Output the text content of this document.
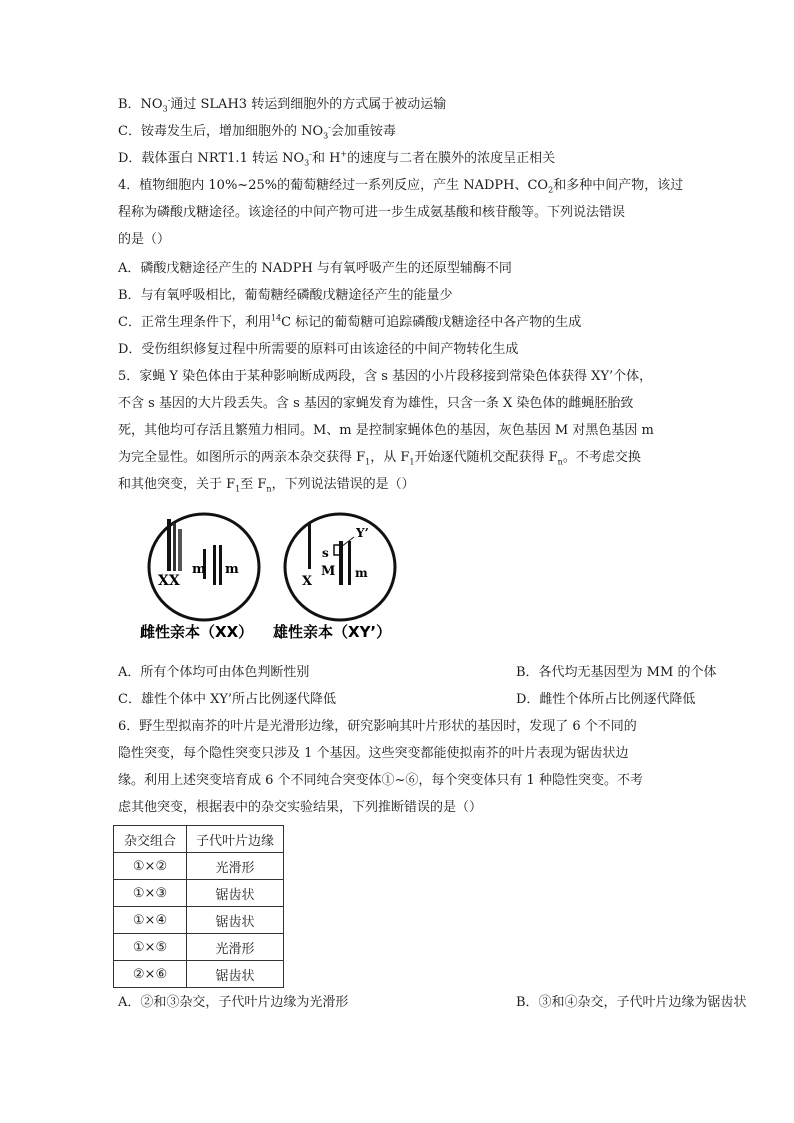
B．$NO_3^-$通过 SLAH3 转运到细胞外的方式属于被动运输
C．铵毒发生后，增加细胞外的 $NO_3^-$会加重铵毒
D．载体蛋白 NRT1.1 转运 $NO_3^-$和 H+的速度与二者在膜外的浓度呈正相关
4．植物细胞内 10%~25%的葡萄糖经过一系列反应，产生 NADPH、$CO_2$和多种中间产物，该过
程称为磷酸戊糖途径。该途径的中间产物可进一步生成氨基酸和核苷酸等。下列说法错误
的是（）
A．磷酸戊糖途径产生的 NADPH 与有氧呼吸产生的还原型辅酶不同
B．与有氧呼吸相比，葡萄糖经磷酸戊糖途径产生的能量少
C．正常生理条件下，利用$^{14}$C 标记的葡萄糖可追踪磷酸戊糖途径中各产物的生成
D．受伤组织修复过程中所需要的原料可由该途径的中间产物转化生成
5．家蝇 Y 染色体由于某种影响断成两段，含 s 基因的小片段移接到常染色体获得 XY’个体，
不含 s 基因的大片段丢失。含 s 基因的家蝇发育为雄性，只含一条 X 染色体的雌蝇胚胎致
死，其他均可存活且繁殖力相同。M、m 是控制家蝇体色的基因，灰色基因 M 对黑色基因 m
为完全显性。如图所示的两亲本杂交获得 $F_1$，从 $F_1$开始逐代随机交配获得 $F_n$。不考虑交换
和其他突变，关于 $F_1$至 $F_n$，下列说法错误的是（）
XX
m m
雌性亲本（XX）
X
s
M m
Y’
雄性亲本（XY’）
A．所有个体均可由体色判断性别	B．各代均无基因型为 MM 的个体
C．雄性个体中 XY’所占比例逐代降低	D．雌性个体所占比例逐代降低
6．野生型拟南芥的叶片是光滑形边缘，研究影响其叶片形状的基因时，发现了 6 个不同的
隐性突变，每个隐性突变只涉及 1 个基因。这些突变都能使拟南芥的叶片表现为锯齿状边
缘。利用上述突变培育成 6 个不同纯合突变体①~⑥，每个突变体只有 1 种隐性突变。不考
虑其他突变，根据表中的杂交实验结果，下列推断错误的是（）
杂交组合	子代叶片边缘
①×②	光滑形
①×③	锯齿状
①×④	锯齿状
①×⑤	光滑形
②×⑥	锯齿状
A．②和③杂交，子代叶片边缘为光滑形	B．③和④杂交，子代叶片边缘为锯齿状
